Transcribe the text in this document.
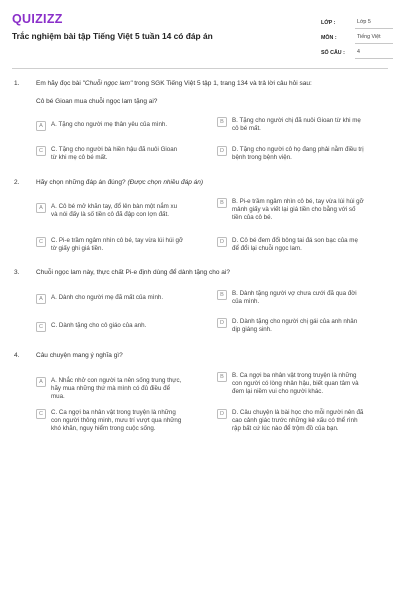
QUIZIZZ
Trắc nghiệm bài tập Tiếng Việt 5 tuần 14 có đáp án
LỚP :	Lớp 5
MÔN :	Tiếng Việt
SỐ CÂU :	4
1.	Em hãy đọc bài "Chuỗi ngọc lam" trong SGK Tiếng Việt 5 tập 1, trang 134 và trả lời câu hỏi sau:
Cô bé Gioan mua chuỗi ngọc lam tặng ai?
A	A. Tặng cho người mẹ thân yêu của mình.	B	B. Tặng cho người chị đã nuôi Gioan từ khi mẹ cô bé mất.
C	C. Tặng cho người bà hiền hậu đã nuôi Gioan từ khi mẹ cô bé mất.
D	D. Tặng cho người cô họ đang phải nằm điều trị bệnh trong bệnh viện.
2.	Hãy chọn những đáp án đúng? (Được chọn nhiều đáp án)
A	A. Cô bé mở khăn tay, đổ lên bàn một nắm xu và nói đấy là số tiền cô đã đập con lợn đất.
B	B. Pi-e trầm ngâm nhìn cô bé, tay vừa lúi húi gỡ mảnh giấy và viết lại giá tiền cho bằng với số tiền của cô bé.
C	C. Pi-e trầm ngâm nhìn cô bé, tay vừa lúi húi gỡ tờ giấy ghi giá tiền.
D	D. Cô bé đem đổi bông tai đá son bạc của mẹ để đổi lại chuỗi ngọc lam.
3.	Chuỗi ngọc lam này, thực chất Pi-e định dùng để dành tặng cho ai?
A	A. Dành cho người mẹ đã mất của mình.	B	B. Dành tặng người vợ chưa cưới đã qua đời của mình.
C	C. Dành tặng cho cô giáo của anh.	D	D. Dành tặng cho người chị gái của anh nhân dịp giáng sinh.
4.	Câu chuyện mang ý nghĩa gì?
A	A. Nhắc nhở con người ta nên sống trung thực, hãy mua những thứ mà mình có đủ điều để mua.
B	B. Ca ngợi ba nhân vật trong truyện là những con người có lòng nhân hậu, biết quan tâm và đem lại niềm vui cho người khác.
C	C. Ca ngợi ba nhân vật trong truyện là những con người thông minh, mưu trí vượt qua những khó khăn, nguy hiểm trong cuộc sống.
D	D. Câu chuyện là bài học cho mỗi người nên đã cao cảnh giác trước những kẻ xấu có thể rình rập bất cứ lúc nào để trộm đồ của bạn.
